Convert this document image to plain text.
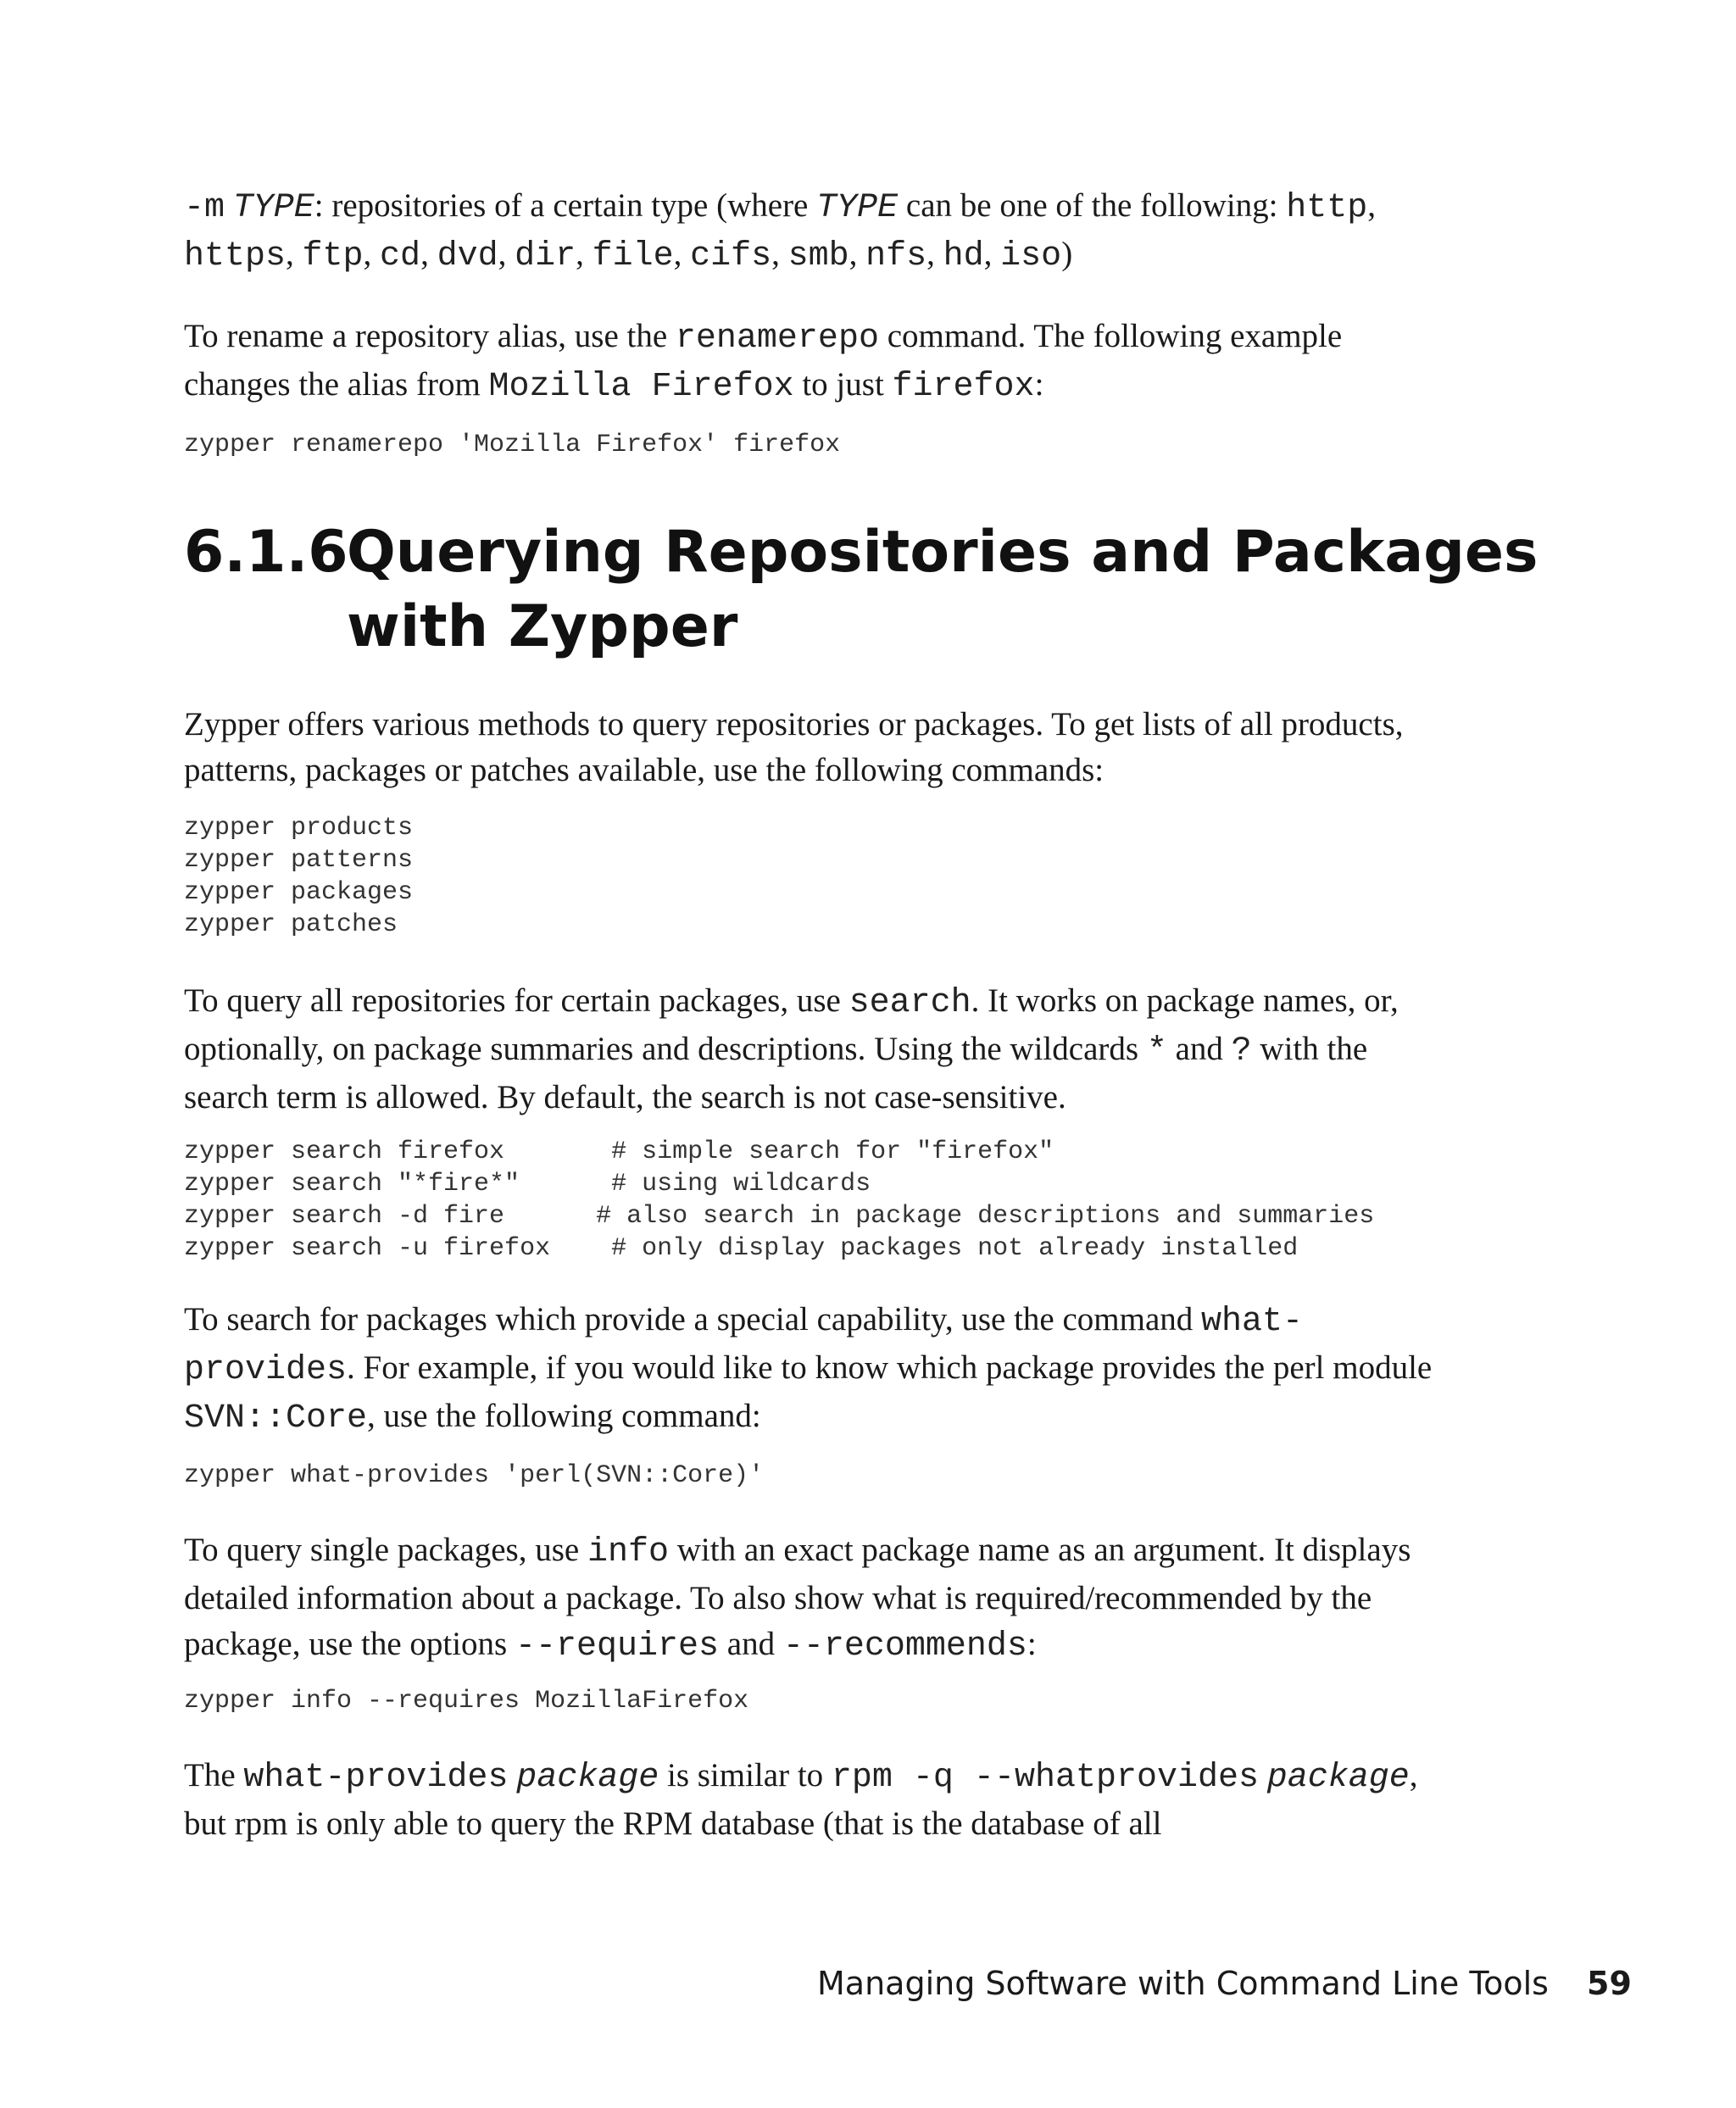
-m TYPE: repositories of a certain type (where TYPE can be one of the following: http, https, ftp, cd, dvd, dir, file, cifs, smb, nfs, hd, iso)
To rename a repository alias, use the renamerepo command. The following example changes the alias from Mozilla Firefox to just firefox:
zypper renamerepo 'Mozilla Firefox' firefox
6.1.6Querying Repositories and Packages
with Zypper
Zypper offers various methods to query repositories or packages. To get lists of all products, patterns, packages or patches available, use the following commands:
zypper products
zypper patterns
zypper packages
zypper patches
To query all repositories for certain packages, use search. It works on package names, or, optionally, on package summaries and descriptions. Using the wildcards * and ? with the search term is allowed. By default, the search is not case-sensitive.
zypper search firefox       # simple search for "firefox"
zypper search "*fire*"      # using wildcards
zypper search -d fire      # also search in package descriptions and summaries
zypper search -u firefox    # only display packages not already installed
To search for packages which provide a special capability, use the command what-provides. For example, if you would like to know which package provides the perl module SVN::Core, use the following command:
zypper what-provides 'perl(SVN::Core)'
To query single packages, use info with an exact package name as an argument. It displays detailed information about a package. To also show what is required/recommended by the package, use the options --requires and --recommends:
zypper info --requires MozillaFirefox
The what-provides package is similar to rpm -q --whatprovides package, but rpm is only able to query the RPM database (that is the database of all
Managing Software with Command Line Tools 59
